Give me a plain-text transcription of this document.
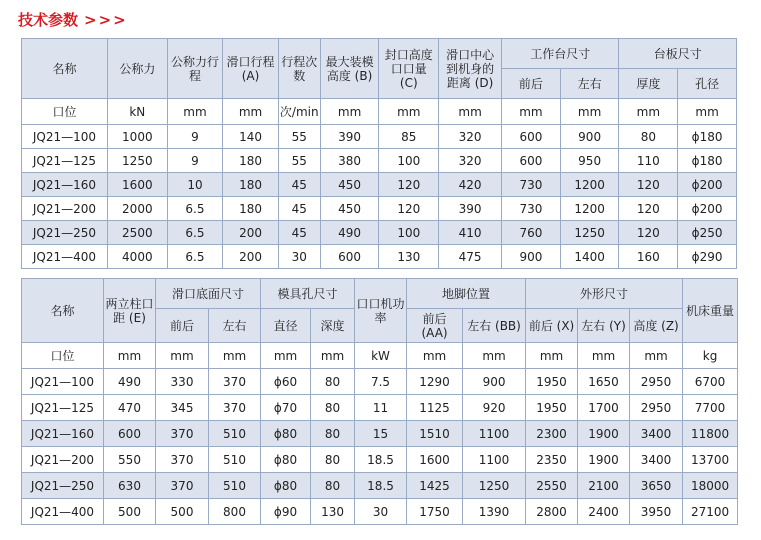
技术参数 >>>
名称	公称力	公称力行程	滑口行程 (A)	行程次数	最大装模高度 (B)	封口高度口口量 (C)	滑口中心到机身的距离 (D)	工作台尺寸		台板尺寸	
								前后	左右	厚度	孔径
口位	kN	mm	mm	次/min	mm	mm	mm	mm	mm	mm	mm
JQ21—100	1000	9	140	55	390	85	320	600	900	80	ϕ180
JQ21—125	1250	9	180	55	380	100	320	600	950	110	ϕ180
JQ21—160	1600	10	180	45	450	120	420	730	1200	120	ϕ200
JQ21—200	2000	6.5	180	45	450	120	390	730	1200	120	ϕ200
JQ21—250	2500	6.5	200	45	490	100	410	760	1250	120	ϕ250
JQ21—400	4000	6.5	200	30	600	130	475	900	1400	160	ϕ290
名称	两立柱口距 (E)	滑口底面尺寸		模具孔尺寸		口口机功率	地脚位置		外形尺寸			机床重量
		前后	左右	直径	深度		前后 (AA)	左右 (BB)	前后 (X)	左右 (Y)	高度 (Z)	
口位	mm	mm	mm	mm	mm	kW	mm	mm	mm	mm	mm	kg
JQ21—100	490	330	370	ϕ60	80	7.5	1290	900	1950	1650	2950	6700
JQ21—125	470	345	370	ϕ70	80	11	1125	920	1950	1700	2950	7700
JQ21—160	600	370	510	ϕ80	80	15	1510	1100	2300	1900	3400	11800
JQ21—200	550	370	510	ϕ80	80	18.5	1600	1100	2350	1900	3400	13700
JQ21—250	630	370	510	ϕ80	80	18.5	1425	1250	2550	2100	3650	18000
JQ21—400	500	500	800	ϕ90	130	30	1750	1390	2800	2400	3950	27100
